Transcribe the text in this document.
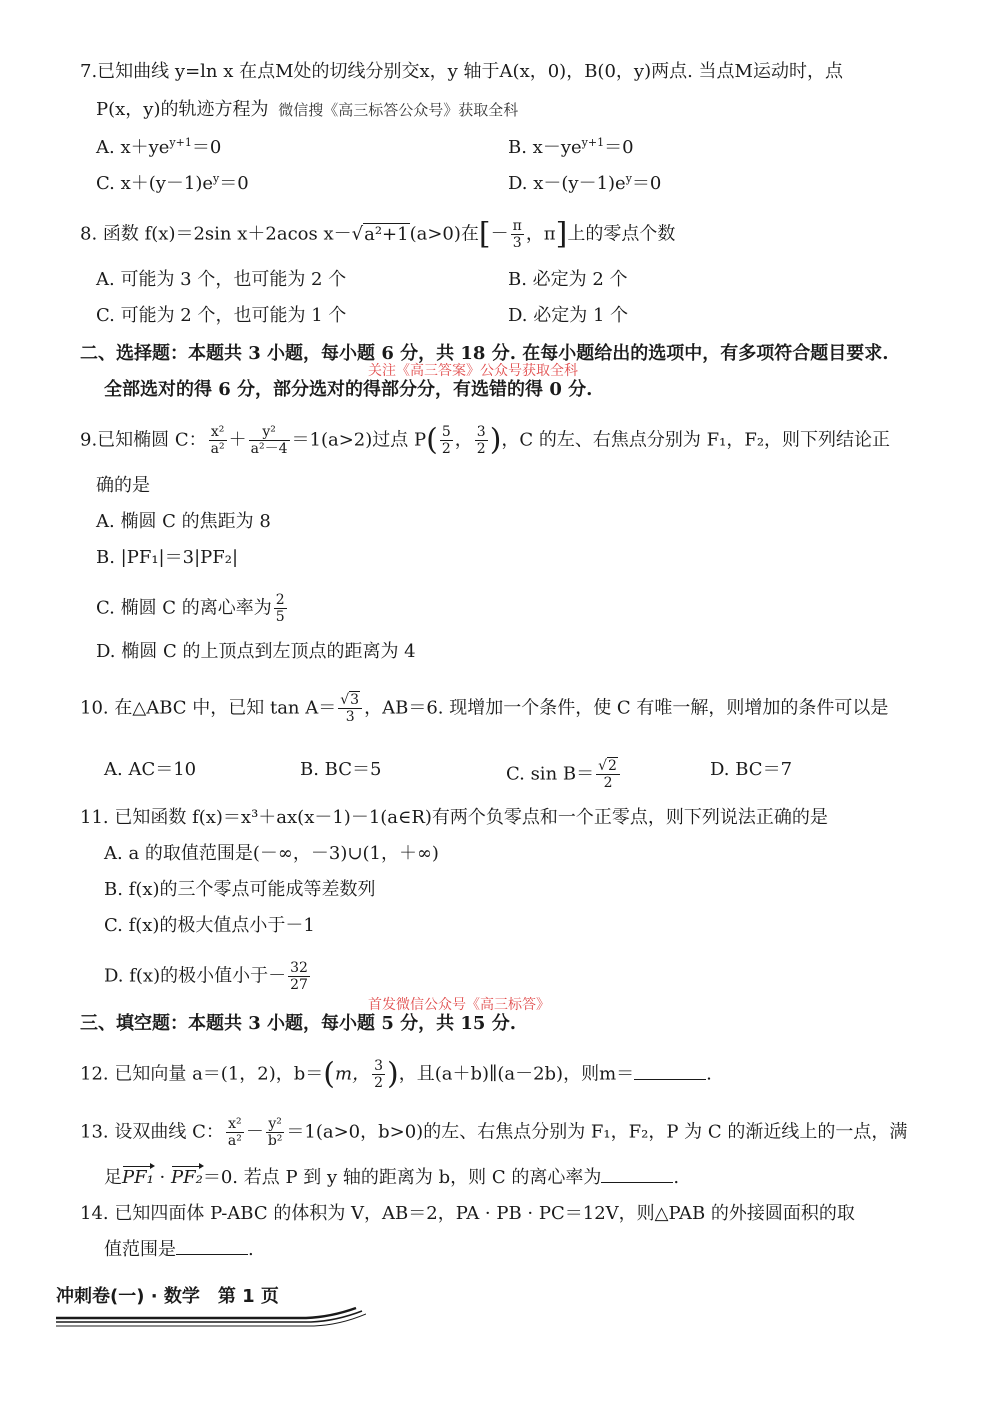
7.已知曲线 y=ln x 在点M处的切线分别交x，y 轴于A(x，0)，B(0，y)两点. 当点M运动时，点
P(x，y)的轨迹方程为 微信搜《高三标答公众号》获取全科
A. $x+ye^{y+1}=0$	B. $x-ye^{y+1}=0$
C. $x+(y-1)e^y=0$	D. $x-(y-1)e^y=0$
8. 函数 f(x)＝2sin x＋2acos x－√a²+1(a>0)在[－ $\frac{\pi}{3}$ ，π]上的零点个数
A. 可能为 3 个，也可能为 2 个	B. 必定为 2 个
C. 可能为 2 个，也可能为 1 个	D. 必定为 1 个
二、选择题：本题共 3 小题，每小题 6 分，共 18 分. 在每小题给出的选项中，有多项符合题目要求.
关注《高三答案》公众号获取全科
全部选对的得 6 分，部分选对的得部分分，有选错的得 0 分.
9.已知椭圆 C： $\frac{\text{x²}}{\text{a²}} + \frac{\text{y²}}{\text{a²－4}} =1(a>2)$过点 $P( \frac{5}{2}$ ， $\frac{3}{2}$ )，C 的左、右焦点分别为 F₁，F₂，则下列结论正
确的是
A. 椭圆 C 的焦距为 8
B. |PF₁|＝3|PF₂|
C. 椭圆 C 的离心率为 $\frac{2}{5}$
D. 椭圆 C 的上顶点到左顶点的距离为 4
10. 在△ABC 中，已知 $\tan A= \frac{√3}{3}$ ，AB＝6. 现增加一个条件，使 C 有唯一解，则增加的条件可以是
A. AC＝10	B. BC＝5	C. $\sin B= \frac{√2}{2}$	D. BC＝7
11. 已知函数 f(x)＝x³＋ax(x－1)－1(a∈R)有两个负零点和一个正零点，则下列说法正确的是
A. a 的取值范围是(－∞，－3)∪(1，＋∞)
B. f(x)的三个零点可能成等差数列
C. f(x)的极大值点小于－1
D. f(x)的极小值小于－ $\frac{32}{27}$
首发微信公众号《高三标答》
三、填空题：本题共 3 小题，每小题 5 分，共 15 分.
12. 已知向量 a＝(1，2)，b＝(m， $\frac{3}{2}$ )，且(a＋b)∥(a－2b)，则m＝	.
13. 设双曲线 C： $\frac{\text{x²}}{\text{a²}} - \frac{\text{y²}}{\text{b²}} =1(a>0$，b>0)的左、右焦点分别为 F₁，F₂，P 为 C 的渐近线上的一点，满
足PF₁ · PF₂＝0. 若点 P 到 y 轴的距离为 b，则 C 的离心率为	.
14. 已知四面体 P-ABC 的体积为 V，AB＝2，PA · PB · PC＝12V，则△PAB 的外接圆面积的取
值范围是	.
冲刺卷(一) · 数学　第 1 页
